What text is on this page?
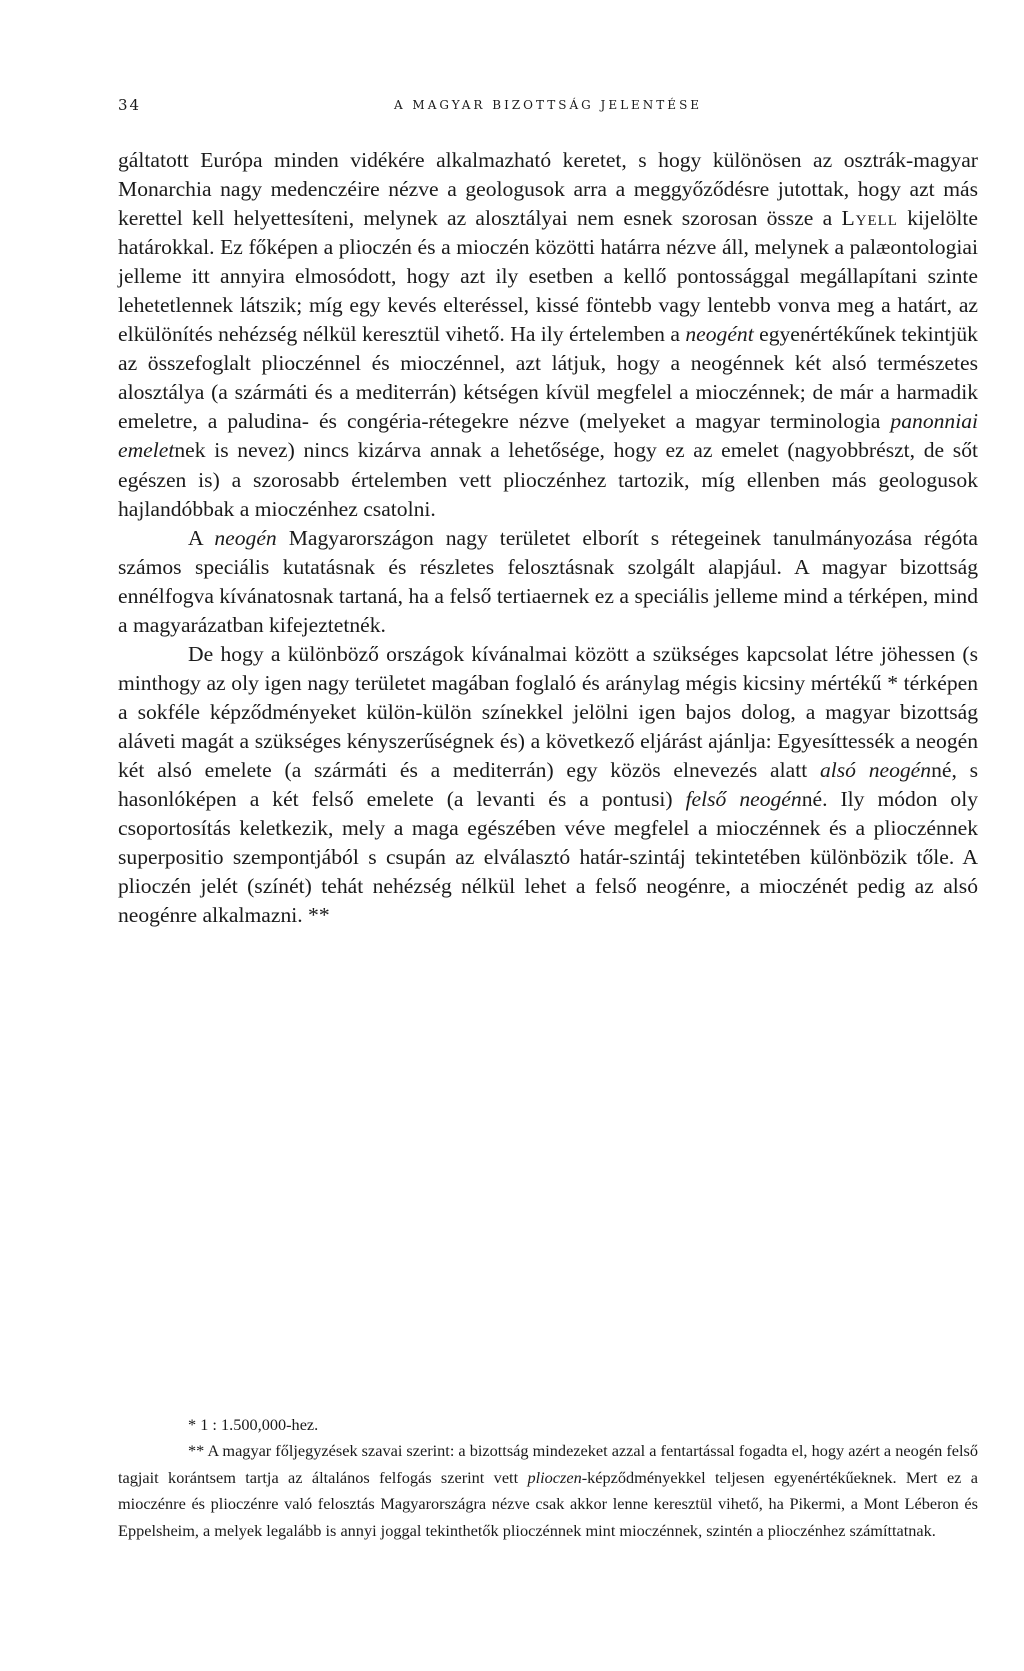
34	A MAGYAR BIZOTTSÁG JELENTÉSE

gáltatott Európa minden vidékére alkalmazható keretet, s hogy különösen az osztrák-magyar Monarchia nagy medenczéire nézve a geologusok arra a meggyőződésre jutottak, hogy azt más kerettel kell helyettesíteni, melynek az alosztályai nem esnek szorosan össze a Lyell kijelölte határokkal. Ez főképen a plioczén és a mioczén közötti határra nézve áll, melynek a palæontologiai jelleme itt annyira elmosódott, hogy azt ily esetben a kellő pontossággal megállapítani szinte lehetetlennek látszik; míg egy kevés elteréssel, kissé föntebb vagy lentebb vonva meg a határt, az elkülönítés nehézség nélkül keresztül vihető. Ha ily értelemben a neogént egyenértékűnek tekintjük az összefoglalt plioczénnel és mioczénnel, azt látjuk, hogy a neogénnek két alsó természetes alosztálya (a szármáti és a mediterrán) kétségen kívül megfelel a mioczénnek; de már a harmadik emeletre, a paludina- és congéria-rétegekre nézve (melyeket a magyar terminologia panonniai emeletnek is nevez) nincs kizárva annak a lehetősége, hogy ez az emelet (nagyobbrészt, de sőt egészen is) a szorosabb értelemben vett plioczénhez tartozik, míg ellenben más geologusok hajlandóbbak a mioczénhez csatolni.

A neogén Magyarországon nagy területet elborít s rétegeinek tanulmányozása régóta számos speciális kutatásnak és részletes felosztásnak szolgált alapjául. A magyar bizottság ennélfogva kívánatosnak tartaná, ha a felső tertiaernek ez a speciális jelleme mind a térképen, mind a magyarázatban kifejeztetnék.

De hogy a különböző országok kívánalmai között a szükséges kapcsolat létre jöhessen (s minthogy az oly igen nagy területet magában foglaló és aránylag mégis kicsiny mértékű * térképen a sokféle képződményeket külön-külön színekkel jelölni igen bajos dolog, a magyar bizottság aláveti magát a szükséges kényszerűségnek és) a következő eljárást ajánlja: Egyesíttessék a neogén két alsó emelete (a szármáti és a mediterrán) egy közös elnevezés alatt alsó neogénné, s hasonlóképen a két felső emelete (a levanti és a pontusi) felső neogénné. Ily módon oly csoportosítás keletkezik, mely a maga egészében véve megfelel a mioczénnek és a plioczénnek superpositio szempontjából s csupán az elválasztó határ-szintáj tekintetében különbözik tőle. A plioczén jelét (színét) tehát nehézség nélkül lehet a felső neogénre, a mioczénét pedig az alsó neogénre alkalmazni. **

* 1 : 1.500,000-hez.

** A magyar főljegyzések szavai szerint: a bizottság mindezeket azzal a fentartással fogadta el, hogy azért a neogén felső tagjait korántsem tartja az általános felfogás szerint vett plioczen-képződményekkel teljesen egyenértékűeknek. Mert ez a mioczénre és plioczénre való felosztás Magyarországra nézve csak akkor lenne keresztül vihető, ha Pikermi, a Mont Léberon és Eppelsheim, a melyek legalább is annyi joggal tekinthetők plioczénnek mint mioczénnek, szintén a plioczénhez számíttatnak.
